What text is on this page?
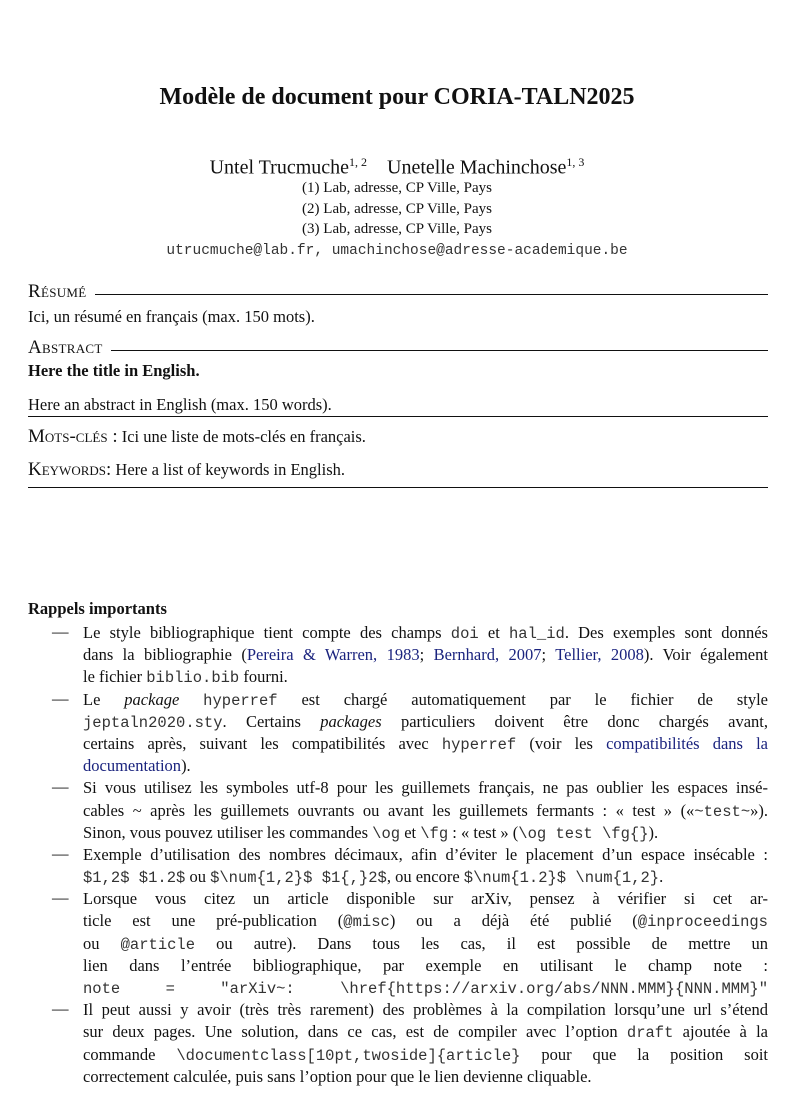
Modèle de document pour CORIA-TALN2025
Untel Trucmuche$^{1, 2}$ Unetelle Machinchose$^{1, 3}$
(1) Lab, adresse, CP Ville, Pays
(2) Lab, adresse, CP Ville, Pays
(3) Lab, adresse, CP Ville, Pays
utrucmuche@lab.fr, umachinchose@adresse-academique.be
Résumé
Ici, un résumé en français (max. 150 mots).
Abstract
Here the title in English.
Here an abstract in English (max. 150 words).
Mots-clés : Ici une liste de mots-clés en français.
Keywords: Here a list of keywords in English.
Rappels importants
— Le style bibliographique tient compte des champs doi et hal_id. Des exemples sont donnés
dans la bibliographie (Pereira & Warren, 1983; Bernhard, 2007; Tellier, 2008). Voir également
le fichier biblio.bib fourni.
— Le package hyperref est chargé automatiquement par le fichier de style
jeptaln2020.sty. Certains packages particuliers doivent être donc chargés avant,
certains après, suivant les compatibilités avec hyperref (voir les compatibilités dans la
documentation).
— Si vous utilisez les symboles utf-8 pour les guillemets français, ne pas oublier les espaces insé-
cables ~ après les guillemets ouvrants ou avant les guillemets fermants : « test » («~test~»).
Sinon, vous pouvez utiliser les commandes \og et \fg : « test » (\og test \fg{}).
— Exemple d’utilisation des nombres décimaux, afin d’éviter le placement d’un espace insécable :
$1,2$ $1.2$ ou $\num{1,2}$ $1{,}2$, ou encore $\num{1.2}$ \num{1,2}.
— Lorsque vous citez un article disponible sur arXiv, pensez à vérifier si cet ar-
ticle est une pré-publication (@misc) ou a déjà été publié (@inproceedings
ou @article ou autre). Dans tous les cas, il est possible de mettre un
lien dans l’entrée bibliographique, par exemple en utilisant le champ note :
note = "arXiv~: \href{https://arxiv.org/abs/NNN.MMM}{NNN.MMM}"
— Il peut aussi y avoir (très très rarement) des problèmes à la compilation lorsqu’une url s’étend
sur deux pages. Une solution, dans ce cas, est de compiler avec l’option draft ajoutée à la
commande \documentclass[10pt,twoside]{article} pour que la position soit
correctement calculée, puis sans l’option pour que le lien devienne cliquable.
